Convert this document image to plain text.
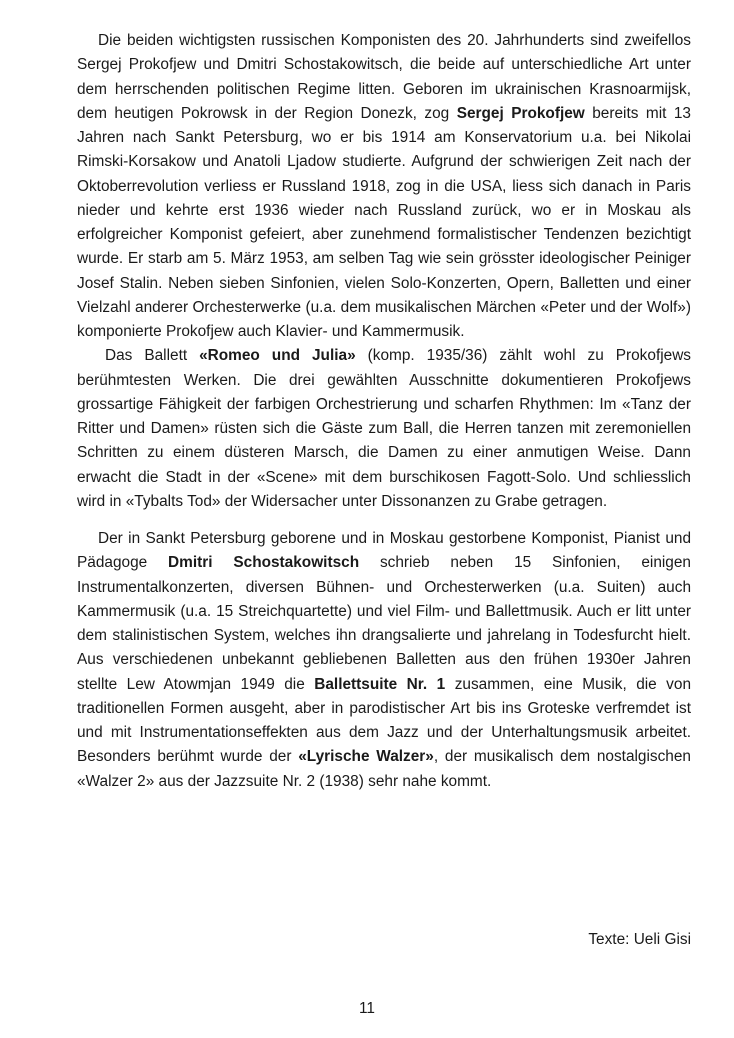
Die beiden wichtigsten russischen Komponisten des 20. Jahrhunderts sind zweifellos Sergej Prokofjew und Dmitri Schostakowitsch, die beide auf unterschiedliche Art unter dem herrschenden politischen Regime litten. Geboren im ukrainischen Krasnoarmijsk, dem heutigen Pokrowsk in der Region Donezk, zog Sergej Prokofjew bereits mit 13 Jahren nach Sankt Petersburg, wo er bis 1914 am Konservatorium u.a. bei Nikolai Rimski-Korsakow und Anatoli Ljadow studierte. Aufgrund der schwierigen Zeit nach der Oktoberrevolution verliess er Russland 1918, zog in die USA, liess sich danach in Paris nieder und kehrte erst 1936 wieder nach Russland zurück, wo er in Moskau als erfolgreicher Komponist gefeiert, aber zunehmend formalistischer Tendenzen bezichtigt wurde. Er starb am 5. März 1953, am selben Tag wie sein grösster ideologischer Peiniger Josef Stalin. Neben sieben Sinfonien, vielen Solo-Konzerten, Opern, Balletten und einer Vielzahl anderer Orchesterwerke (u.a. dem musikalischen Märchen «Peter und der Wolf») komponierte Prokofjew auch Klavier- und Kammermusik.

Das Ballett «Romeo und Julia» (komp. 1935/36) zählt wohl zu Prokofjews berühmtesten Werken. Die drei gewählten Ausschnitte dokumentieren Prokofjews grossartige Fähigkeit der farbigen Orchestrierung und scharfen Rhythmen: Im «Tanz der Ritter und Damen» rüsten sich die Gäste zum Ball, die Herren tanzen mit zeremoniellen Schritten zu einem düsteren Marsch, die Damen zu einer anmutigen Weise. Dann erwacht die Stadt in der «Scene» mit dem burschikosen Fagott-Solo. Und schliesslich wird in «Tybalts Tod» der Widersacher unter Dissonanzen zu Grabe getragen.

Der in Sankt Petersburg geborene und in Moskau gestorbene Komponist, Pianist und Pädagoge Dmitri Schostakowitsch schrieb neben 15 Sinfonien, einigen Instrumentalkonzerten, diversen Bühnen- und Orchesterwerken (u.a. Suiten) auch Kammermusik (u.a. 15 Streichquartette) und viel Film- und Ballettmusik. Auch er litt unter dem stalinistischen System, welches ihn drangsalierte und jahrelang in Todesfurcht hielt. Aus verschiedenen unbekannt gebliebenen Balletten aus den frühen 1930er Jahren stellte Lew Atowmjan 1949 die Ballettsuite Nr. 1 zusammen, eine Musik, die von traditionellen Formen ausgeht, aber in parodistischer Art bis ins Groteske verfremdet ist und mit Instrumentationseffekten aus dem Jazz und der Unterhaltungsmusik arbeitet. Besonders berühmt wurde der «Lyrische Walzer», der musikalisch dem nostalgischen «Walzer 2» aus der Jazzsuite Nr. 2 (1938) sehr nahe kommt.

Texte: Ueli Gisi
11
